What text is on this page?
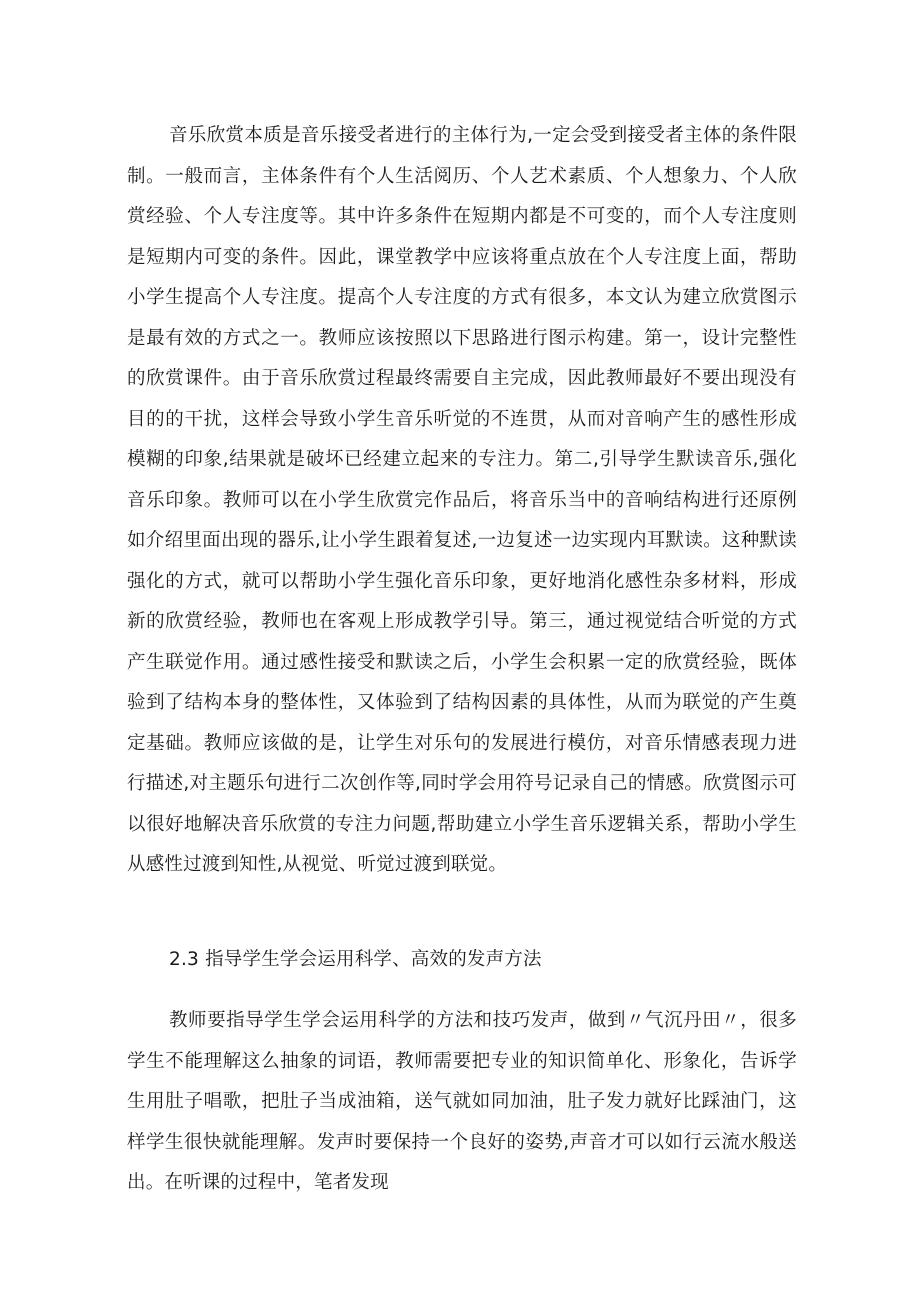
音乐欣赏本质是音乐接受者进行的主体行为,一定会受到接受者主体的条件限制。一般而言，主体条件有个人生活阅历、个人艺术素质、个人想象力、个人欣赏经验、个人专注度等。其中许多条件在短期内都是不可变的，而个人专注度则是短期内可变的条件。因此，课堂教学中应该将重点放在个人专注度上面，帮助小学生提高个人专注度。提高个人专注度的方式有很多，本文认为建立欣赏图示是最有效的方式之一。教师应该按照以下思路进行图示构建。第一，设计完整性的欣赏课件。由于音乐欣赏过程最终需要自主完成，因此教师最好不要出现没有目的的干扰，这样会导致小学生音乐听觉的不连贯，从而对音响产生的感性形成模糊的印象,结果就是破坏已经建立起来的专注力。第二,引导学生默读音乐,强化音乐印象。教师可以在小学生欣赏完作品后，将音乐当中的音响结构进行还原例如介绍里面出现的器乐,让小学生跟着复述,一边复述一边实现内耳默读。这种默读强化的方式，就可以帮助小学生强化音乐印象，更好地消化感性杂多材料，形成新的欣赏经验，教师也在客观上形成教学引导。第三，通过视觉结合听觉的方式产生联觉作用。通过感性接受和默读之后，小学生会积累一定的欣赏经验，既体验到了结构本身的整体性，又体验到了结构因素的具体性，从而为联觉的产生奠定基础。教师应该做的是，让学生对乐句的发展进行模仿，对音乐情感表现力进行描述,对主题乐句进行二次创作等,同时学会用符号记录自己的情感。欣赏图示可以很好地解决音乐欣赏的专注力问题,帮助建立小学生音乐逻辑关系，帮助小学生从感性过渡到知性,从视觉、听觉过渡到联觉。

2.3 指导学生学会运用科学、高效的发声方法

教师要指导学生学会运用科学的方法和技巧发声，做到〃气沉丹田〃，很多学生不能理解这么抽象的词语，教师需要把专业的知识简单化、形象化，告诉学生用肚子唱歌，把肚子当成油箱，送气就如同加油，肚子发力就好比踩油门，这样学生很快就能理解。发声时要保持一个良好的姿势,声音才可以如行云流水般送出。在听课的过程中，笔者发现
